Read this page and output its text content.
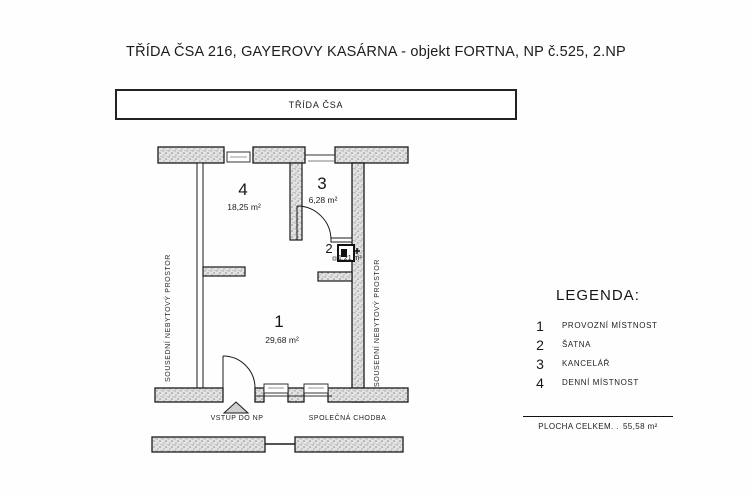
TŘÍDA ČSA 216, GAYEROVY KASÁRNA - objekt FORTNA, NP č.525, 2.NP
TŘÍDA ČSA
4
18,25 m²
3
6,28 m²
1
29,68 m²
2
1,21 m²
SOUSEDNÍ NEBYTOVÝ PROSTOR	SOUSEDNÍ NEBYTOVÝ PROSTOR
VSTUP DO NP	SPOLEČNÁ CHODBA
LEGENDA:
1	PROVOZNÍ MÍSTNOST
2	ŠATNA
3	KANCELÁŘ
4	DENNÍ MÍSTNOST
PLOCHA CELKEM. . 55,58 m²
